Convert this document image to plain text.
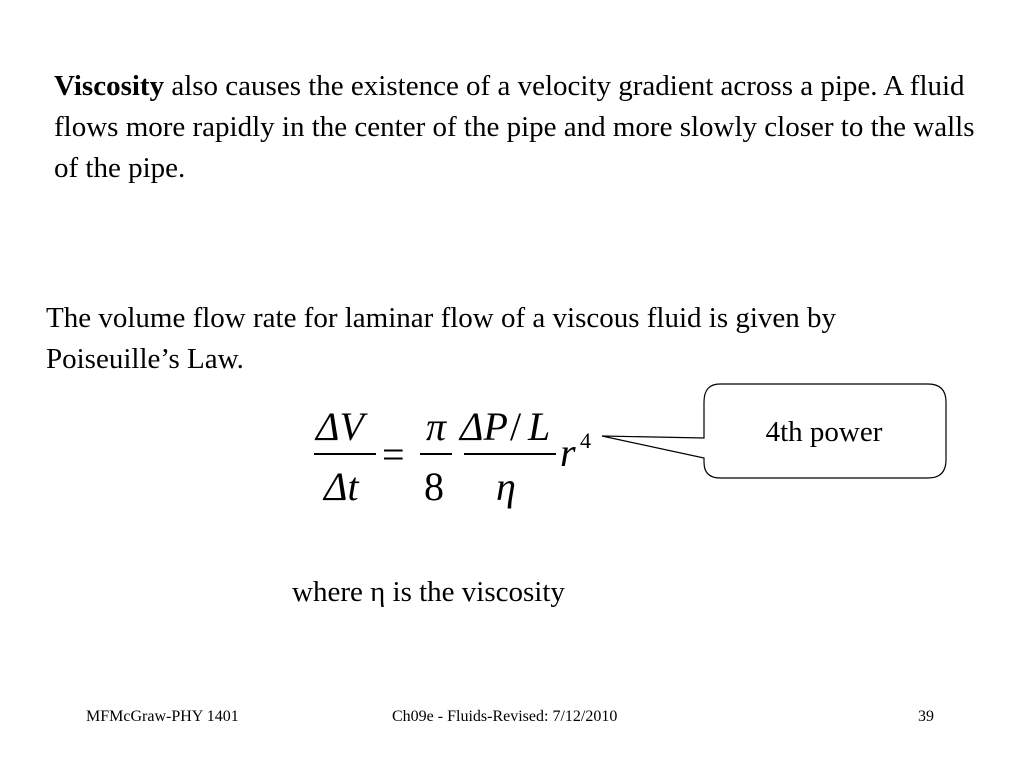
Viscosity also causes the existence of a velocity gradient across a pipe. A fluid flows more rapidly in the center of the pipe and more slowly closer to the walls of the pipe.

The volume flow rate for laminar flow of a viscous fluid is given by Poiseuille’s Law.

ΔV
Δt
=
π
8
ΔP / L
η
r 4	4th power

where η is the viscosity

MFMcGraw-PHY 1401	Ch09e - Fluids-Revised: 7/12/2010	39
